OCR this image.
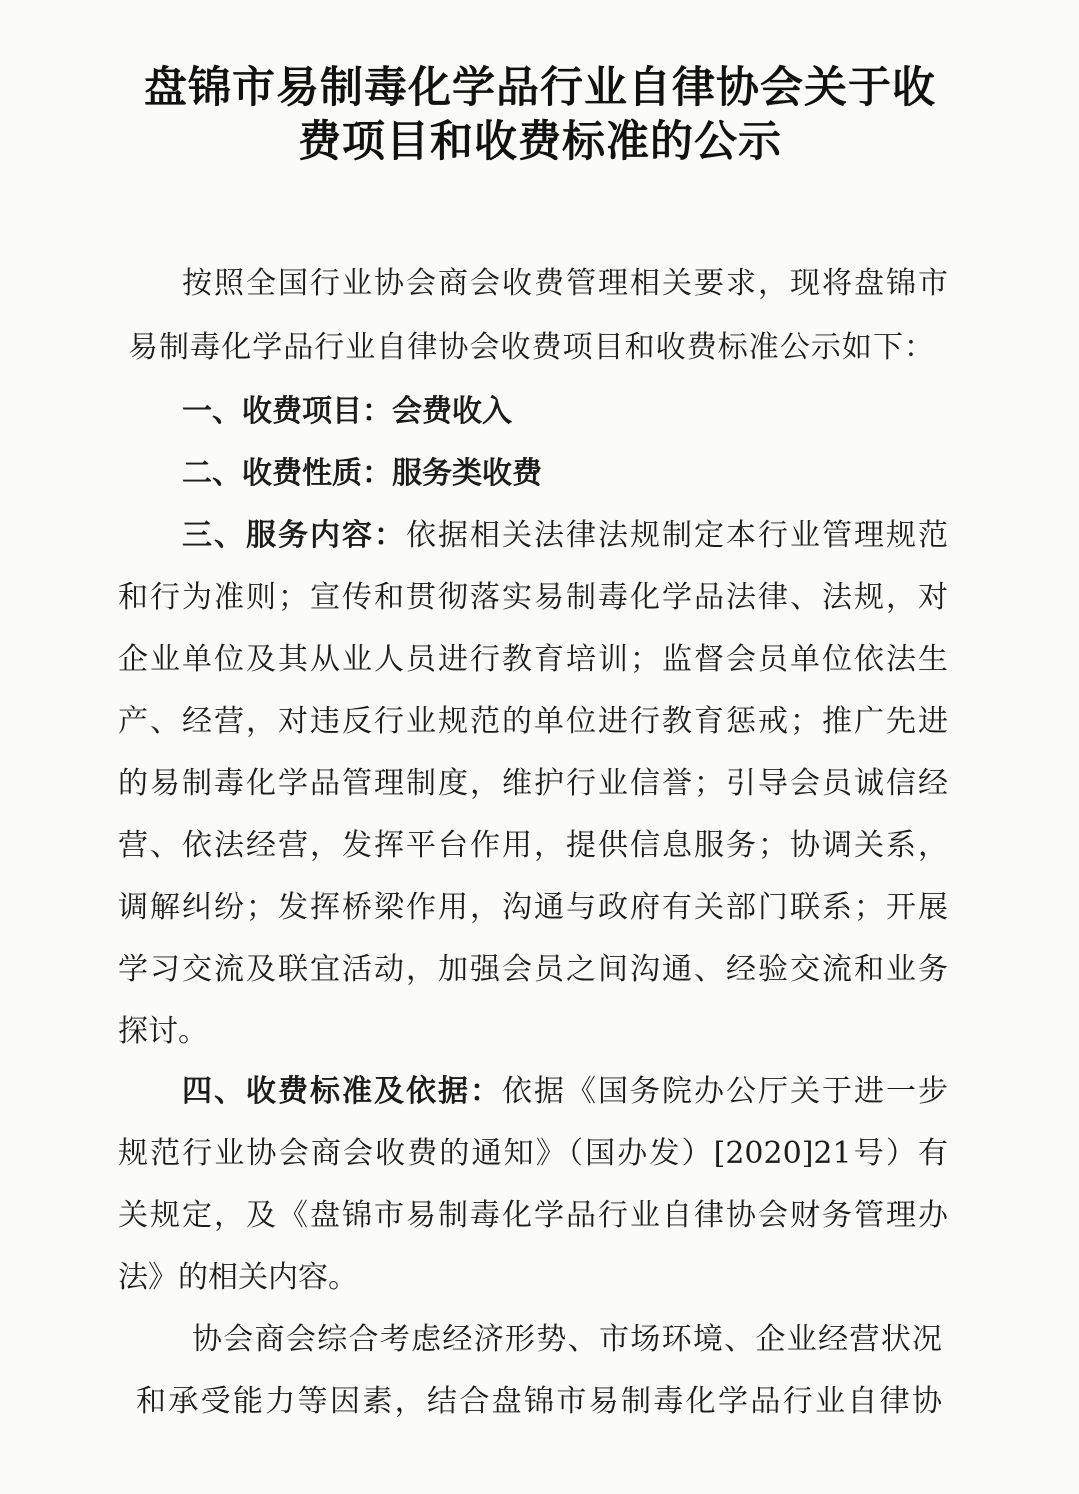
盘锦市易制毒化学品行业自律协会关于收
费项目和收费标准的公示
按照全国行业协会商会收费管理相关要求，现将盘锦市
易制毒化学品行业自律协会收费项目和收费标准公示如下：
一、收费项目：会费收入
二、收费性质：服务类收费
三、服务内容：依据相关法律法规制定本行业管理规范
和行为准则；宣传和贯彻落实易制毒化学品法律、法规，对
企业单位及其从业人员进行教育培训；监督会员单位依法生
产、经营，对违反行业规范的单位进行教育惩戒；推广先进
的易制毒化学品管理制度，维护行业信誉；引导会员诚信经
营、依法经营，发挥平台作用，提供信息服务；协调关系，
调解纠纷；发挥桥梁作用，沟通与政府有关部门联系；开展
学习交流及联宜活动，加强会员之间沟通、经验交流和业务
探讨。
四、收费标准及依据：依据《国务院办公厅关于进一步
规范行业协会商会收费的通知》（国办发）[2020]21号）有
关规定，及《盘锦市易制毒化学品行业自律协会财务管理办
法》的相关内容。
协会商会综合考虑经济形势、市场环境、企业经营状况
和承受能力等因素，结合盘锦市易制毒化学品行业自律协
